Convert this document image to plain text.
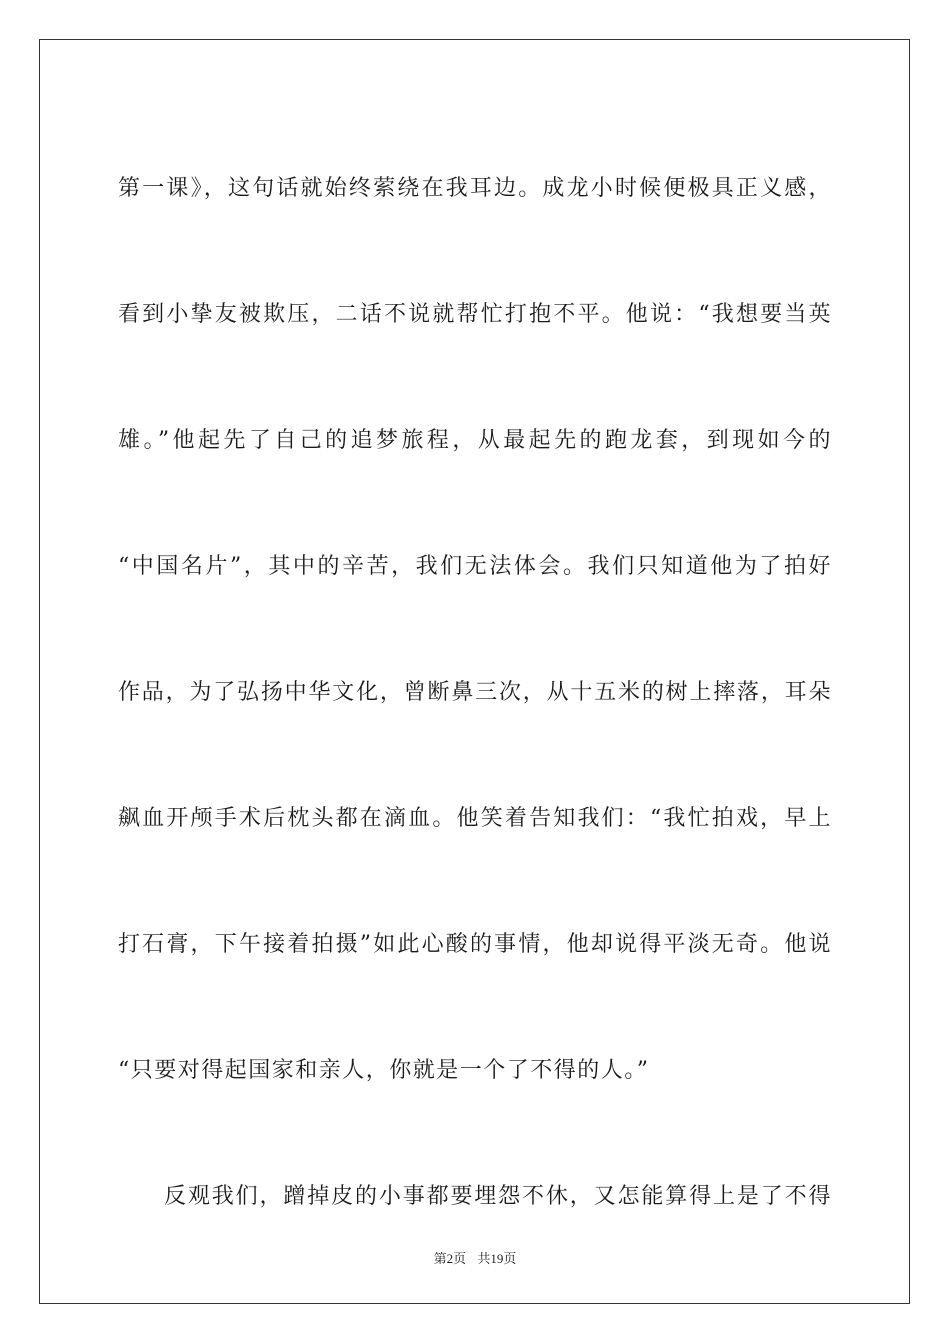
第一课》，这句话就始终萦绕在我耳边。成龙小时候便极具正义感，
看到小挚友被欺压，二话不说就帮忙打抱不平。他说：“我想要当英
雄。”他起先了自己的追梦旅程，从最起先的跑龙套，到现如今的
“中国名片”，其中的辛苦，我们无法体会。我们只知道他为了拍好
作品，为了弘扬中华文化，曾断鼻三次，从十五米的树上摔落，耳朵
飙血开颅手术后枕头都在滴血。他笑着告知我们：“我忙拍戏，早上
打石膏，下午接着拍摄”如此心酸的事情，他却说得平淡无奇。他说
“只要对得起国家和亲人，你就是一个了不得的人。”

反观我们，蹭掉皮的小事都要埋怨不休，又怎能算得上是了不得

第2页 共19页
